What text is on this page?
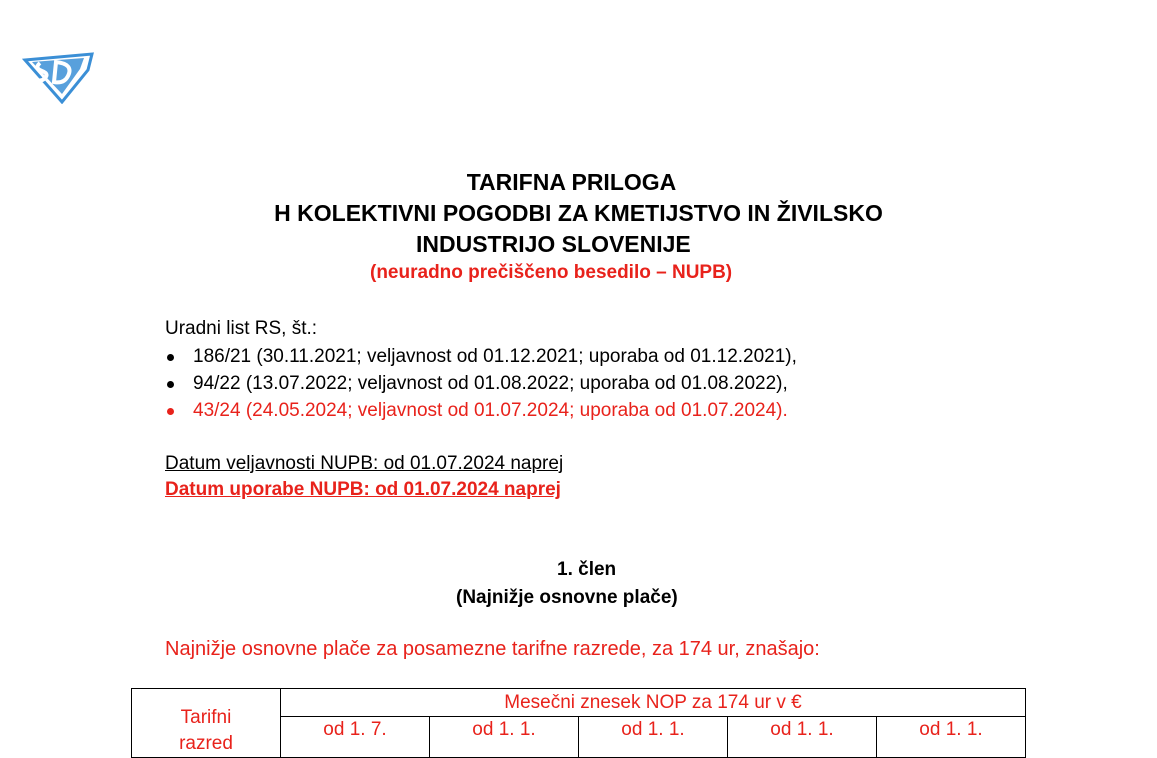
TARIFNA PRILOGA
H KOLEKTIVNI POGODBI ZA KMETIJSTVO IN ŽIVILSKO
INDUSTRIJO SLOVENIJE
(neuradno prečiščeno besedilo – NUPB)
Uradni list RS, št.:
186/21 (30.11.2021; veljavnost od 01.12.2021; uporaba od 01.12.2021),
94/22 (13.07.2022; veljavnost od 01.08.2022; uporaba od 01.08.2022),
43/24 (24.05.2024; veljavnost od 01.07.2024; uporaba od 01.07.2024).
Datum veljavnosti NUPB: od 01.07.2024 naprej
Datum uporabe NUPB: od 01.07.2024 naprej
1. člen
(Najnižje osnovne plače)
Najnižje osnovne plače za posamezne tarifne razrede, za 174 ur, znašajo:
Tarifni
razred	Mesečni znesek NOP za 174 ur v €				
	od 1. 7.	od 1. 1.	od 1. 1.	od 1. 1.	od 1. 1.
